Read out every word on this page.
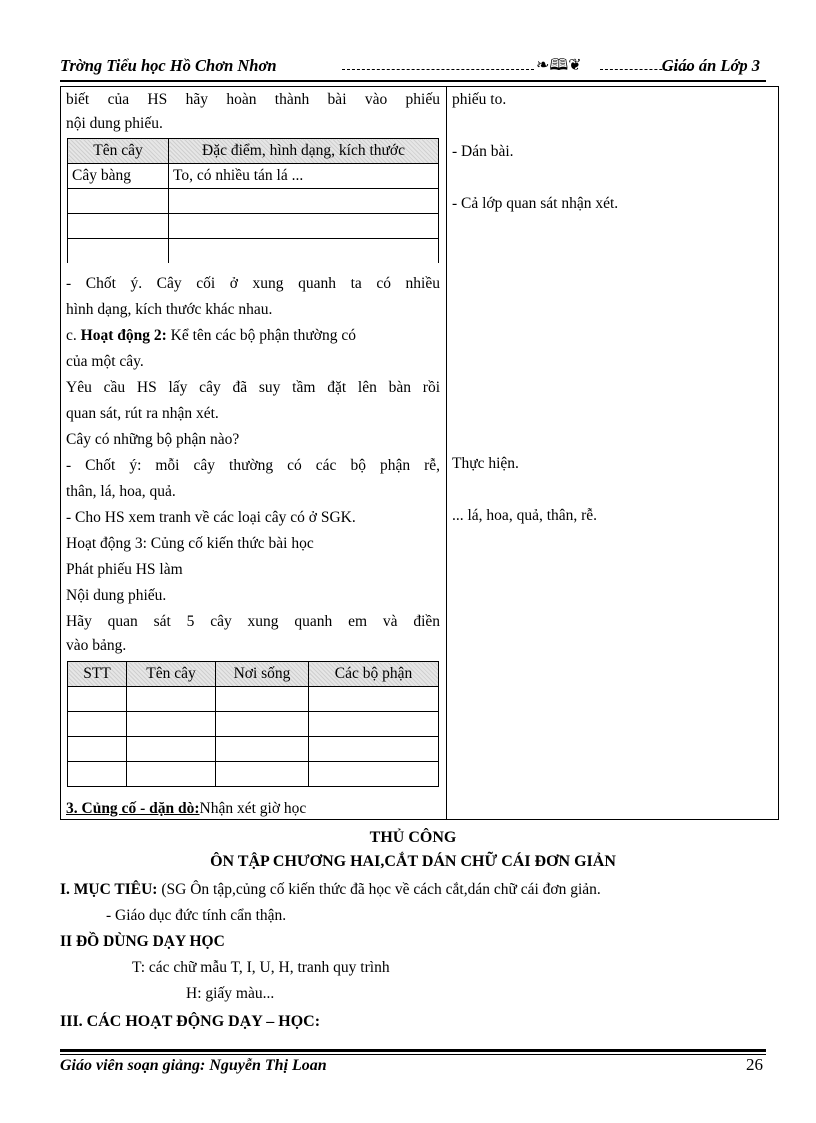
Trờng Tiểu học Hồ Chơn Nhơn	❧🕮❦	Giáo án Lớp 3
biết của HS hãy hoàn thành bài vào phiếu
nội dung phiếu.
Tên cây	Đặc điểm, hình dạng, kích thước
Cây bàng	To, có nhiều tán lá ...

- Chốt ý. Cây cối ở xung quanh ta có nhiều
hình dạng, kích thước khác nhau.
c. Hoạt động 2: Kể tên các bộ phận thường có
của một cây.
Yêu cầu HS lấy cây đã suy tầm đặt lên bàn rồi
quan sát, rút ra nhận xét.
Cây có những bộ phận nào?
- Chốt ý: mỗi cây thường có các bộ phận rễ,
thân, lá, hoa, quả.
- Cho HS xem tranh về các loại cây có ở SGK.
Hoạt động 3: Củng cố kiến thức bài học
Phát phiếu HS làm
Nội dung phiếu.
Hãy quan sát 5 cây xung quanh em và điền
vào bảng.
STT	Tên cây	Nơi sống	Các bộ phận

3. Củng cố - dặn dò:Nhận xét giờ học
phiếu to.
- Dán bài.
- Cả lớp quan sát nhận xét.
Thực hiện.
... lá, hoa, quả, thân, rễ.
THỦ CÔNG
ÔN TẬP CHƯƠNG HAI,CẮT DÁN CHỮ CÁI ĐƠN GIẢN
I. MỤC TIÊU: (SG Ôn tập,củng cố kiến thức đã học về cách cắt,dán chữ cái đơn giản.
- Giáo dục đức tính cẩn thận.
II ĐỒ DÙNG DẠY HỌC
T: các chữ mẫu T, I, U, H, tranh quy trình
H: giấy màu...
III. CÁC HOẠT ĐỘNG DẠY – HỌC:
Giáo viên soạn giảng: Nguyễn Thị Loan	26
